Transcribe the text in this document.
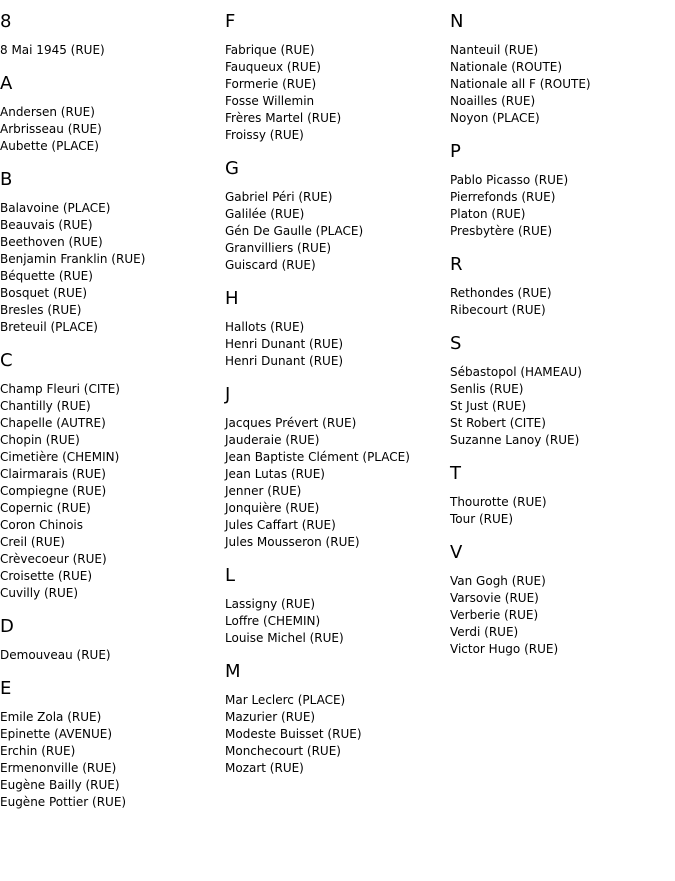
8
8 Mai 1945 (RUE)
A
Andersen (RUE)
Arbrisseau (RUE)
Aubette (PLACE)
B
Balavoine (PLACE)
Beauvais (RUE)
Beethoven (RUE)
Benjamin Franklin (RUE)
Béquette (RUE)
Bosquet (RUE)
Bresles (RUE)
Breteuil (PLACE)
C
Champ Fleuri (CITE)
Chantilly (RUE)
Chapelle (AUTRE)
Chopin (RUE)
Cimetière (CHEMIN)
Clairmarais (RUE)
Compiegne (RUE)
Copernic (RUE)
Coron Chinois
Creil (RUE)
Crèvecoeur (RUE)
Croisette (RUE)
Cuvilly (RUE)
D
Demouveau (RUE)
E
Emile Zola (RUE)
Epinette (AVENUE)
Erchin (RUE)
Ermenonville (RUE)
Eugène Bailly (RUE)
Eugène Pottier (RUE)
F
Fabrique (RUE)
Fauqueux (RUE)
Formerie (RUE)
Fosse Willemin
Frères Martel (RUE)
Froissy (RUE)
G
Gabriel Péri (RUE)
Galilée (RUE)
Gén De Gaulle (PLACE)
Granvilliers (RUE)
Guiscard (RUE)
H
Hallots (RUE)
Henri Dunant (RUE)
Henri Dunant (RUE)
J
Jacques Prévert (RUE)
Jauderaie (RUE)
Jean Baptiste Clément (PLACE)
Jean Lutas (RUE)
Jenner (RUE)
Jonquière (RUE)
Jules Caffart (RUE)
Jules Mousseron (RUE)
L
Lassigny (RUE)
Loffre (CHEMIN)
Louise Michel (RUE)
M
Mar Leclerc (PLACE)
Mazurier (RUE)
Modeste Buisset (RUE)
Monchecourt (RUE)
Mozart (RUE)
N
Nanteuil (RUE)
Nationale (ROUTE)
Nationale all F (ROUTE)
Noailles (RUE)
Noyon (PLACE)
P
Pablo Picasso (RUE)
Pierrefonds (RUE)
Platon (RUE)
Presbytère (RUE)
R
Rethondes (RUE)
Ribecourt (RUE)
S
Sébastopol (HAMEAU)
Senlis (RUE)
St Just (RUE)
St Robert (CITE)
Suzanne Lanoy (RUE)
T
Thourotte (RUE)
Tour (RUE)
V
Van Gogh (RUE)
Varsovie (RUE)
Verberie (RUE)
Verdi (RUE)
Victor Hugo (RUE)
